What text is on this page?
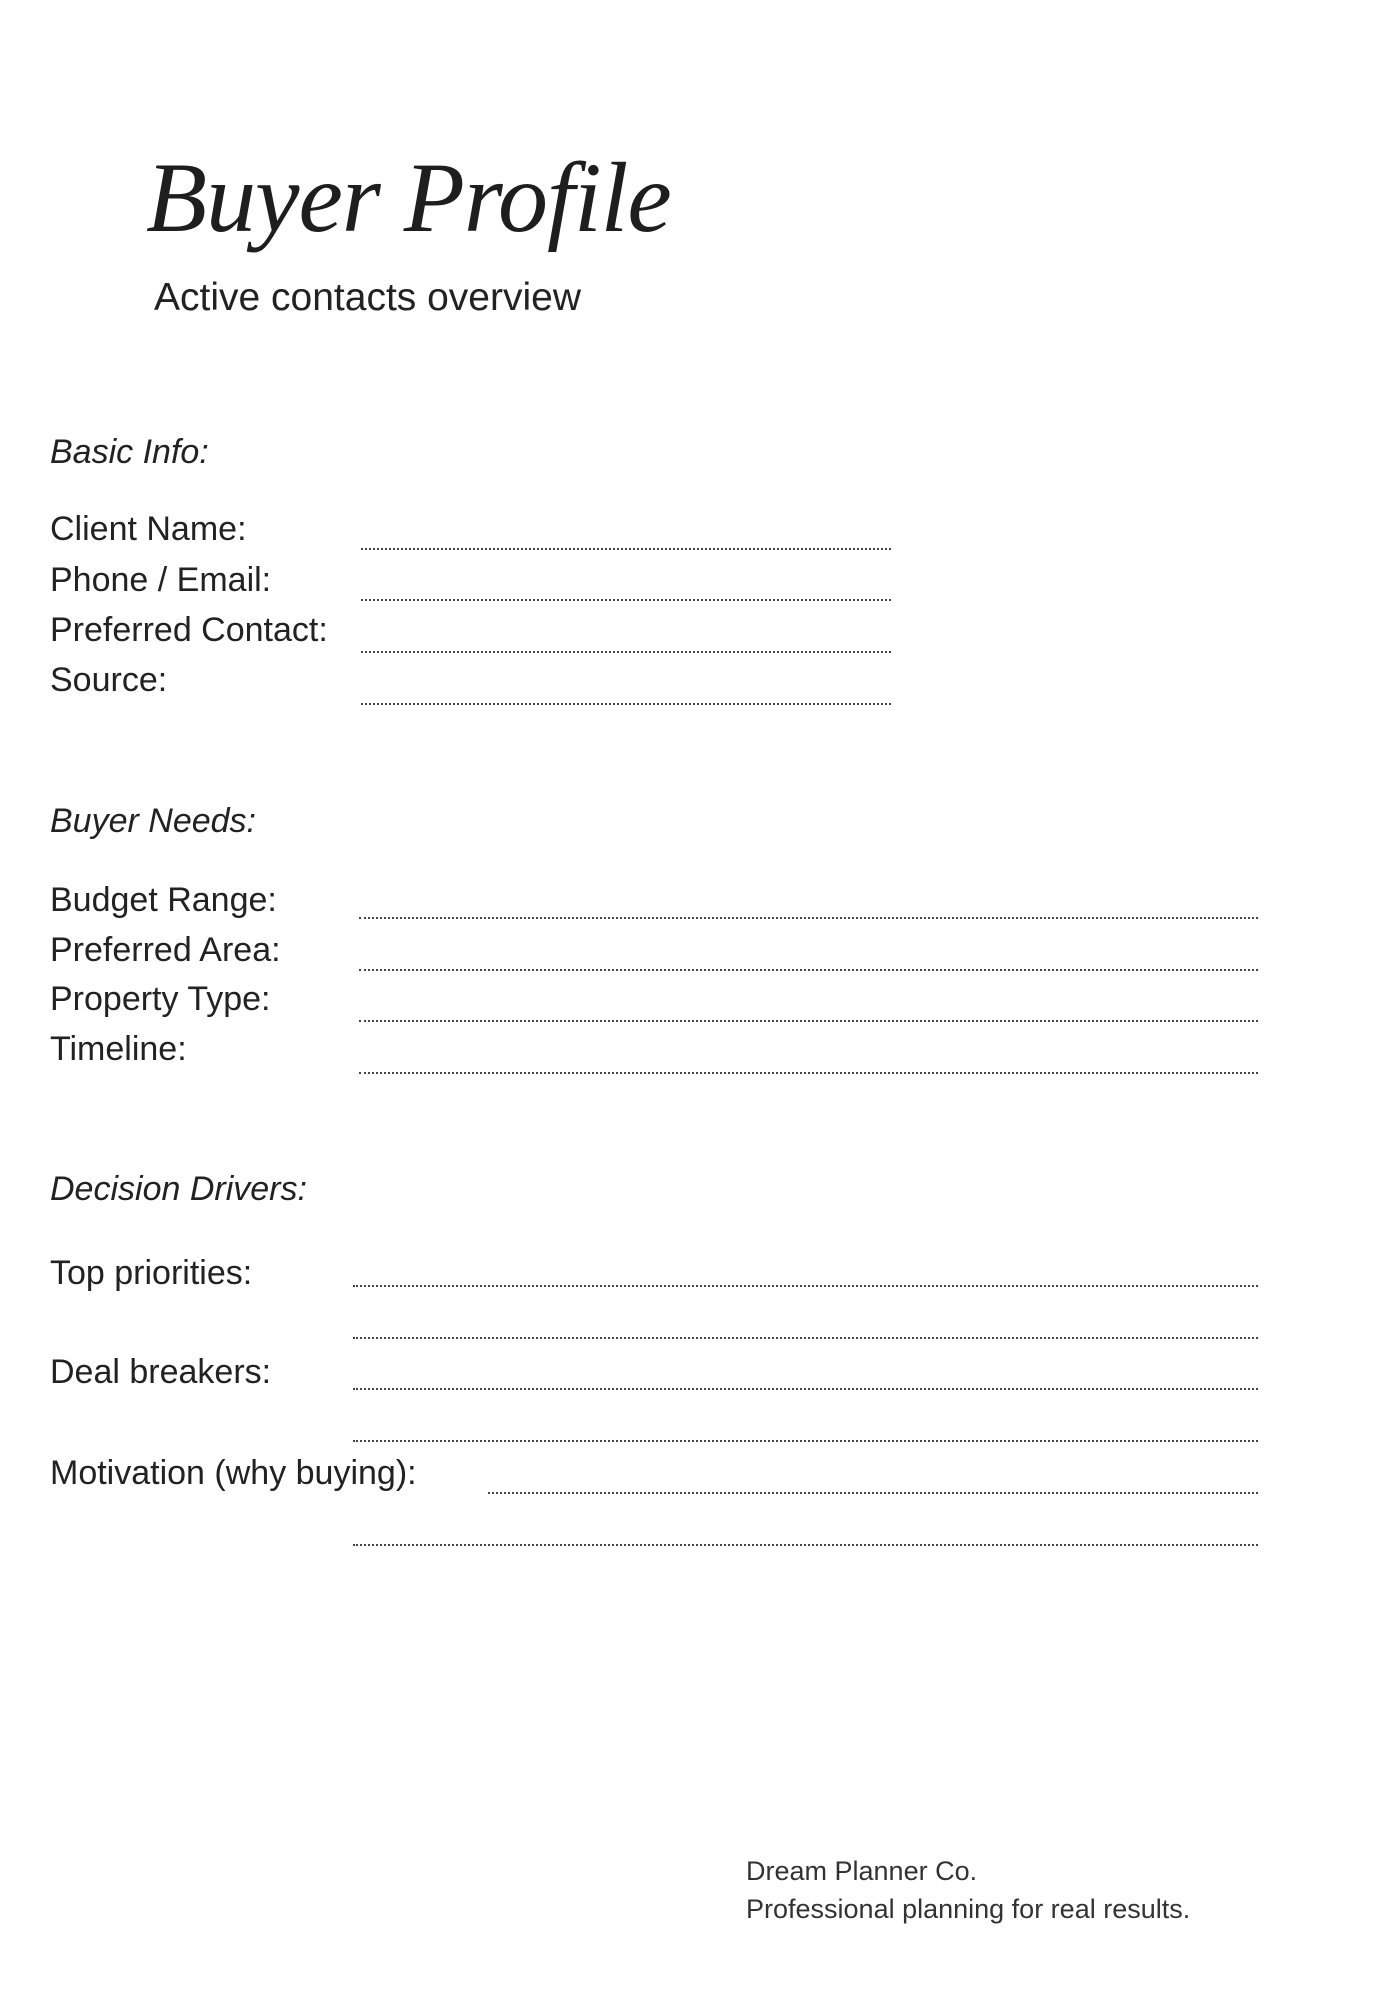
Buyer Profile
Active contacts overview
Basic Info:
Client Name:
Phone / Email:
Preferred Contact:
Source:
Buyer Needs:
Budget Range:
Preferred Area:
Property Type:
Timeline:
Decision Drivers:
Top priorities:
Deal breakers:
Motivation (why buying):
Dream Planner Co.
Professional planning for real results.
